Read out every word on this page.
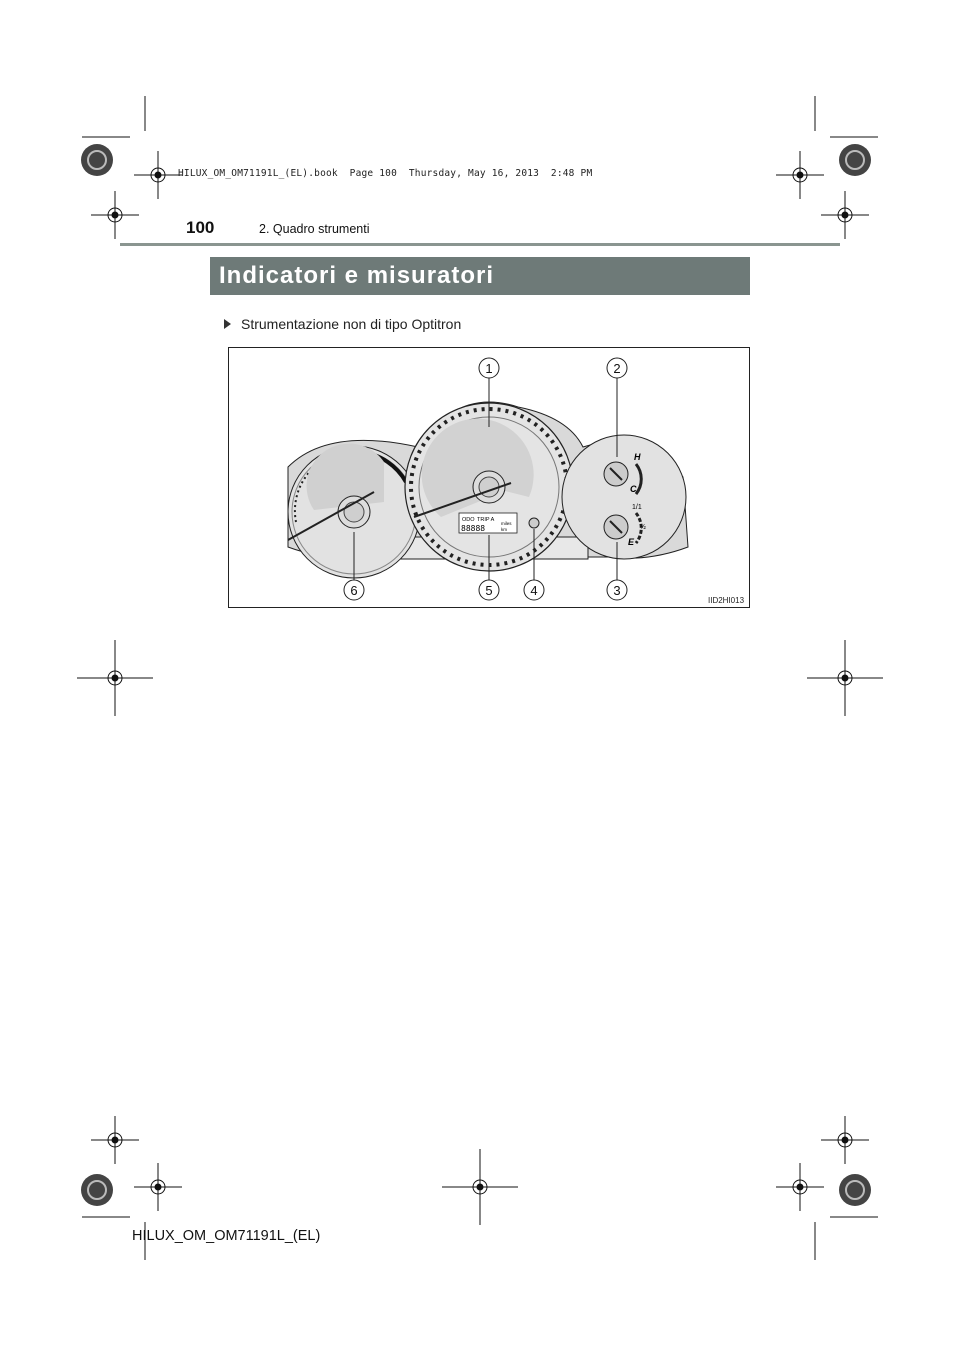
HILUX_OM_OM71191L_(EL).book  Page 100  Thursday, May 16, 2013  2:48 PM
100	2. Quadro strumenti
Indicatori e misuratori
Strumentazione non di tipo Optitron
ODO TRIP A
88888
miles
km
H
C
1/1
½
E
1	2
3
4
5
6
IID2HI013
HILUX_OM_OM71191L_(EL)
